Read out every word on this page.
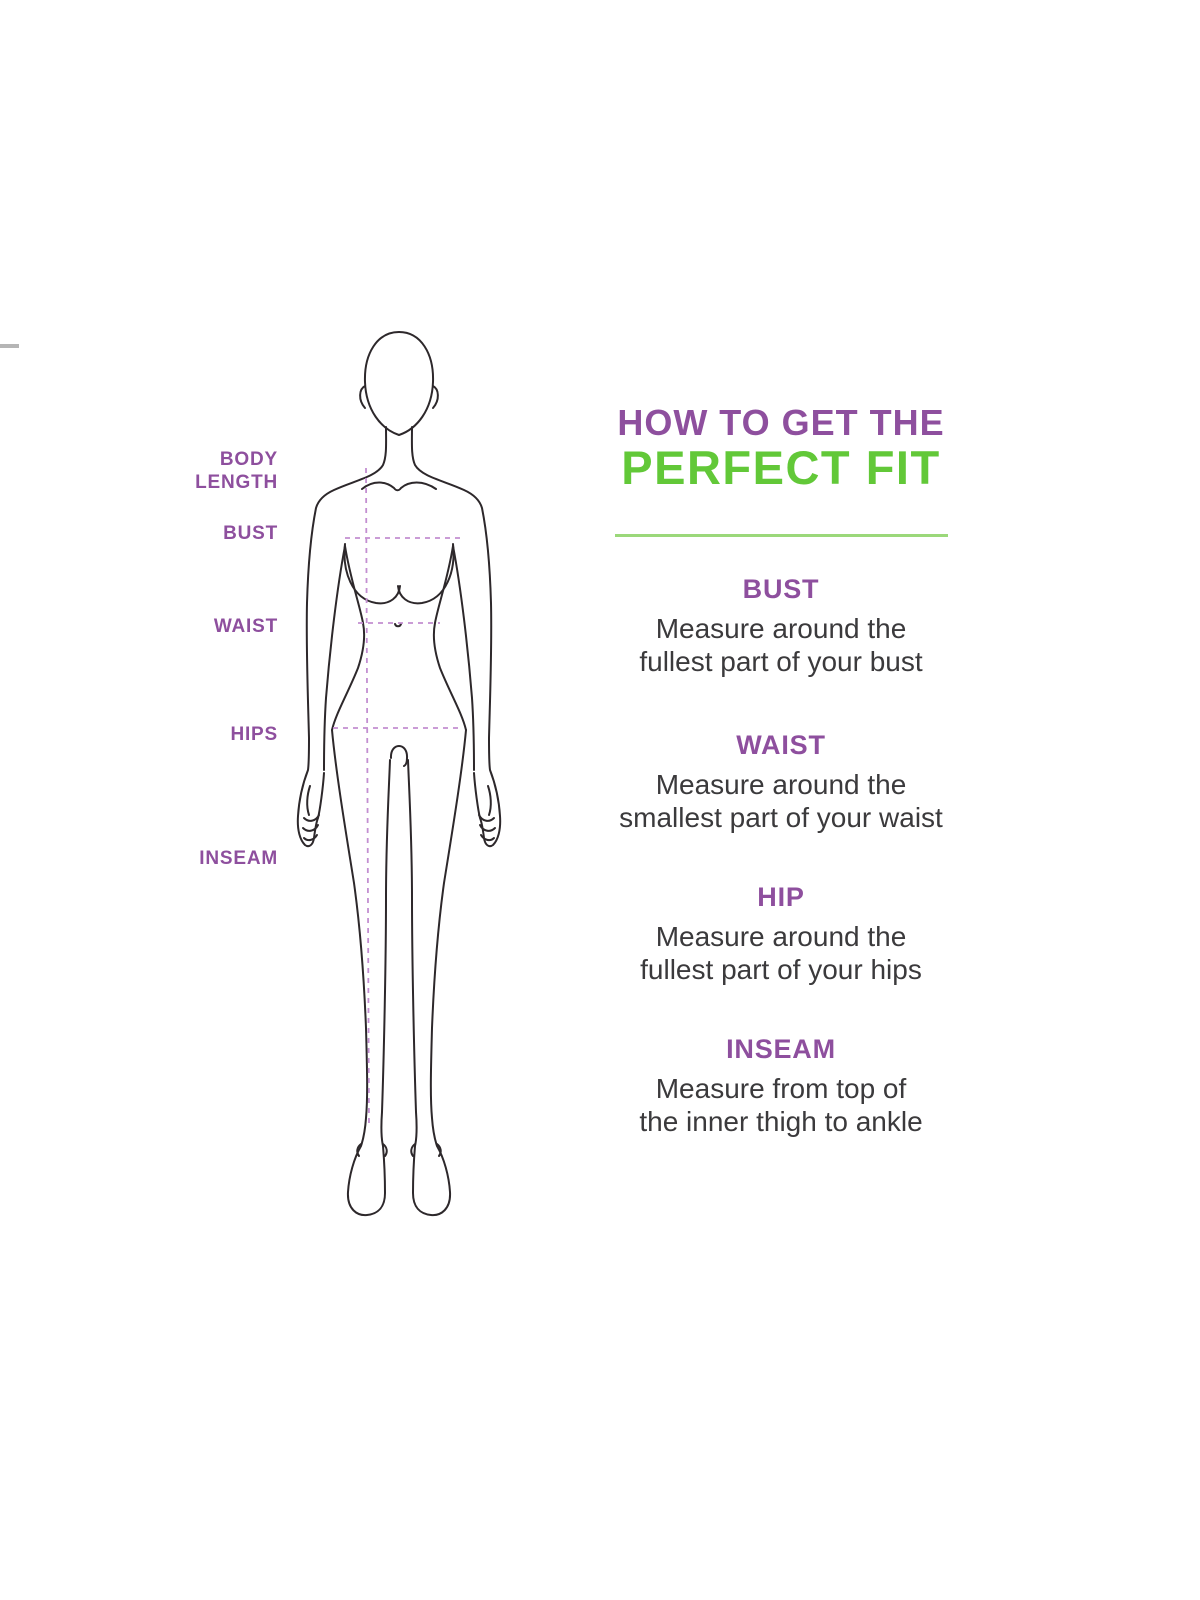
BODY LENGTH
BUST
WAIST
HIPS
INSEAM
HOW TO GET THE
PERFECT FIT
BUST
Measure around the
fullest part of your bust
WAIST
Measure around the
smallest part of your waist
HIP
Measure around the
fullest part of your hips
INSEAM
Measure from top of
the inner thigh to ankle
